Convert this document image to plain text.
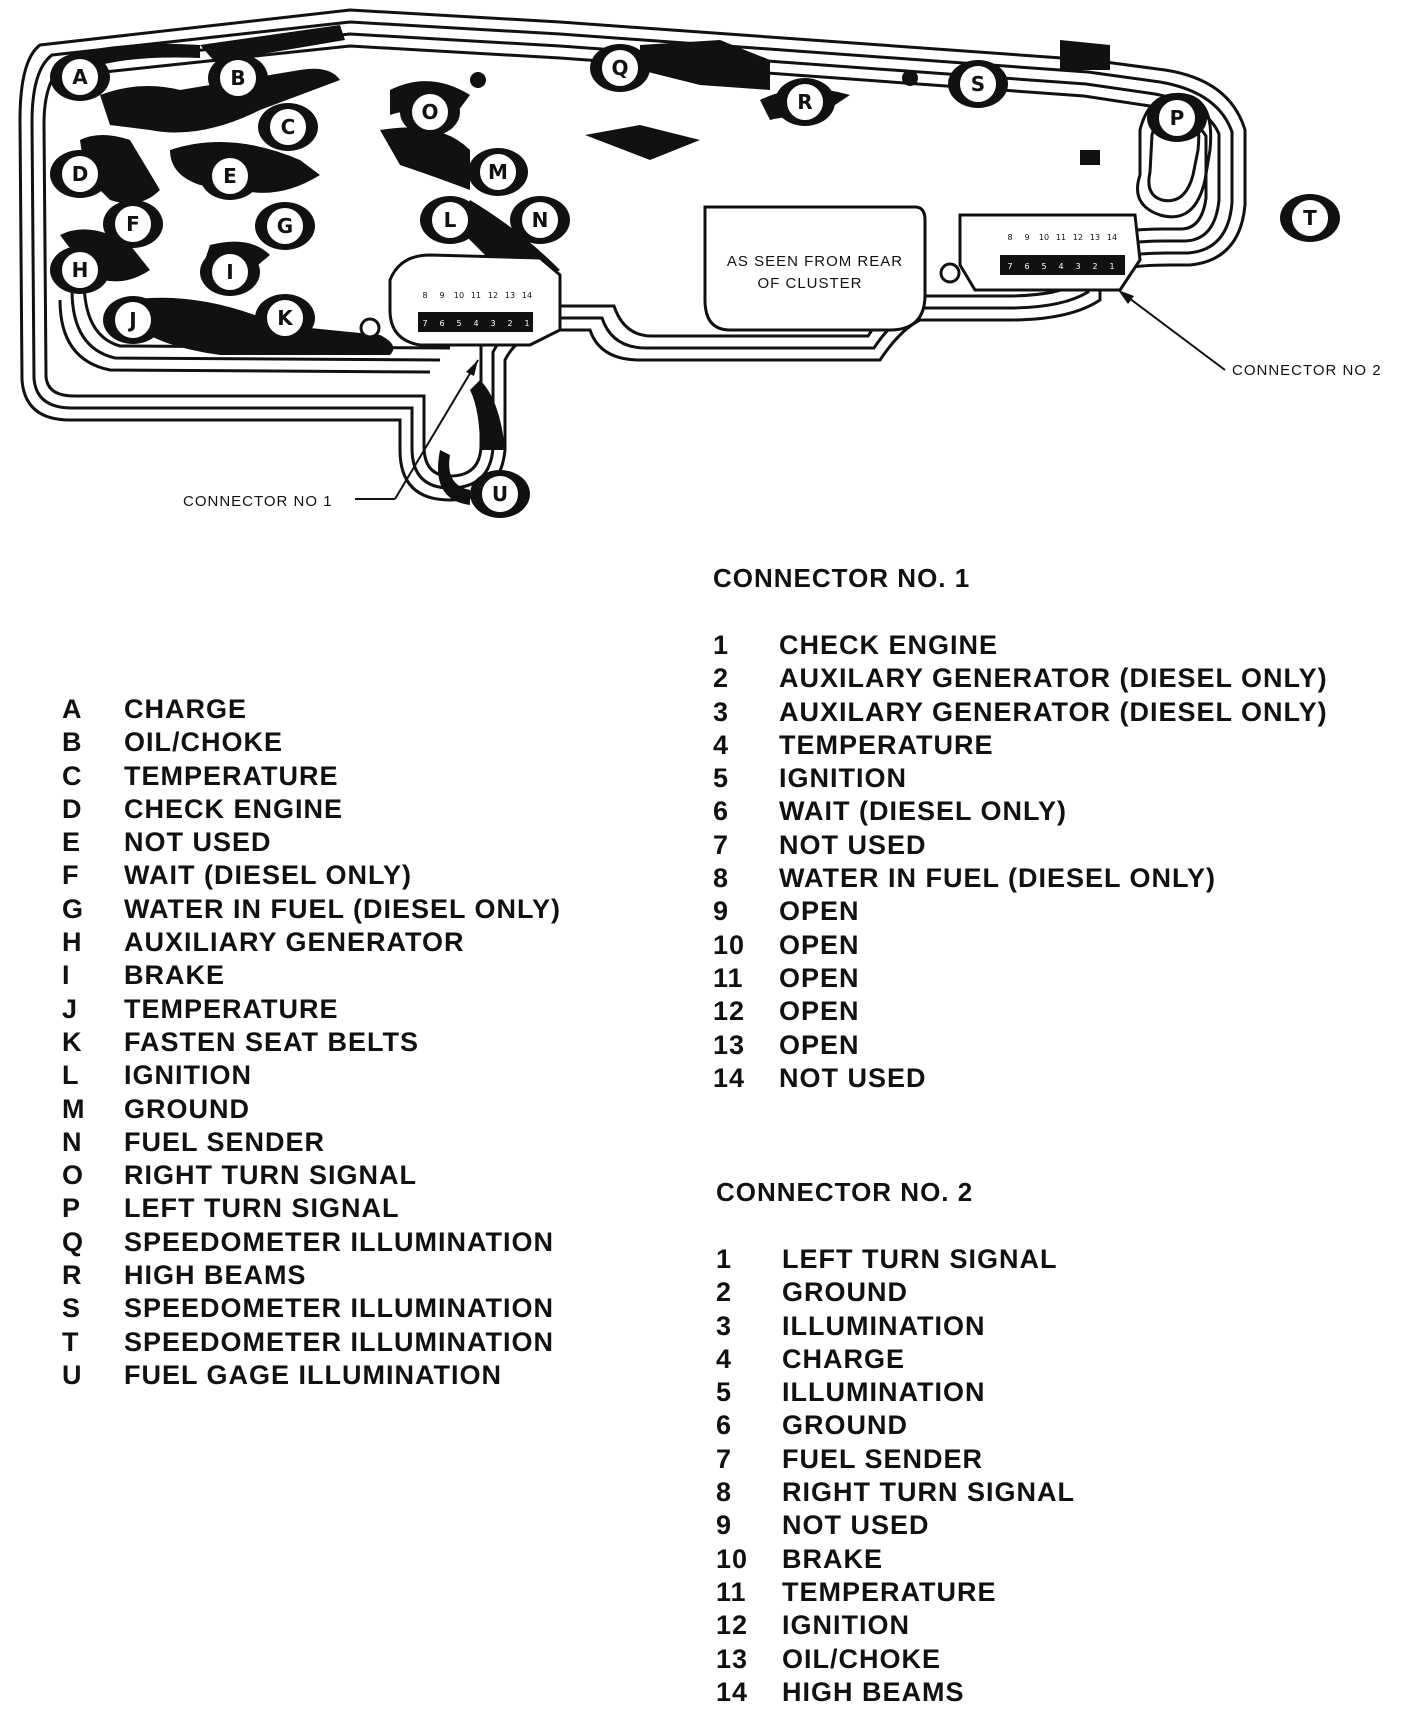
AS SEEN FROM REAR
OF CLUSTER
8 9 10 11 12 13 14
7 6 5 4 3 2 1
8 9 10 11 12 13 14
7 6 5 4 3 2 1
A	B
C
D	E
F	G
H	I
J	K
L
M
N
O	P
Q
R
S
T
U
CONNECTOR NO 1
CONNECTOR NO 2
A	CHARGE
B	OIL/CHOKE
C	TEMPERATURE
D	CHECK ENGINE
E	NOT USED
F	WAIT (DIESEL ONLY)
G	WATER IN FUEL (DIESEL ONLY)
H	AUXILIARY GENERATOR
I	BRAKE
J	TEMPERATURE
K	FASTEN SEAT BELTS
L	IGNITION
M	GROUND
N	FUEL SENDER
O	RIGHT TURN SIGNAL
P	LEFT TURN SIGNAL
Q	SPEEDOMETER ILLUMINATION
R	HIGH BEAMS
S	SPEEDOMETER ILLUMINATION
T	SPEEDOMETER ILLUMINATION
U	FUEL GAGE ILLUMINATION
CONNECTOR NO. 1
1	CHECK ENGINE
2	AUXILARY GENERATOR (DIESEL ONLY)
3	AUXILARY GENERATOR (DIESEL ONLY)
4	TEMPERATURE
5	IGNITION
6	WAIT (DIESEL ONLY)
7	NOT USED
8	WATER IN FUEL (DIESEL ONLY)
9	OPEN
10	OPEN
11	OPEN
12	OPEN
13	OPEN
14	NOT USED
CONNECTOR NO. 2
1	LEFT TURN SIGNAL
2	GROUND
3	ILLUMINATION
4	CHARGE
5	ILLUMINATION
6	GROUND
7	FUEL SENDER
8	RIGHT TURN SIGNAL
9	NOT USED
10	BRAKE
11	TEMPERATURE
12	IGNITION
13	OIL/CHOKE
14	HIGH BEAMS
